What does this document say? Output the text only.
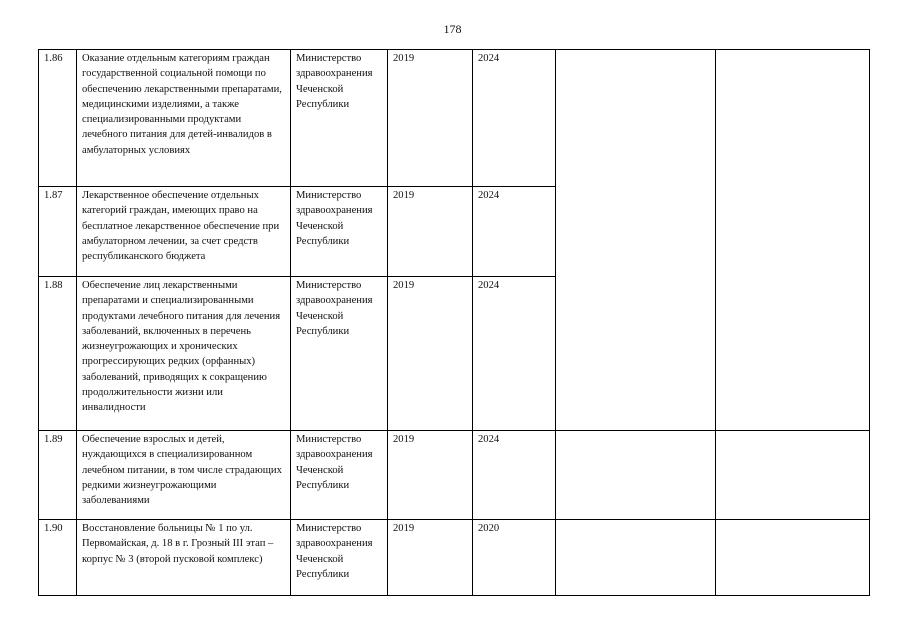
178
1.86	Оказание отдельным категориям граждан государственной социальной помощи по обеспечению лекарственными препаратами, медицинскими изделиями, а также специализированными продуктами лечебного питания для детей-инвалидов в амбулаторных условиях	Министерство здравоохранения Чеченской Республики	2019	2024		
1.87	Лекарственное обеспечение отдельных категорий граждан, имеющих право на бесплатное лекарственное обеспечение при амбулаторном лечении, за счет средств республиканского бюджета	Министерство здравоохранения Чеченской Республики	2019	2024		
1.88	Обеспечение лиц лекарственными препаратами и специализированными продуктами лечебного питания для лечения заболеваний, включенных в перечень жизнеугрожающих и хронических прогрессирующих редких (орфанных) заболеваний, приводящих к сокращению продолжительности жизни или инвалидности	Министерство здравоохранения Чеченской Республики	2019	2024		
1.89	Обеспечение взрослых и детей, нуждающихся в специализированном лечебном питании, в том числе страдающих редкими жизнеугрожающими заболеваниями	Министерство здравоохранения Чеченской Республики	2019	2024		
1.90	Восстановление больницы № 1 по ул. Первомайская, д. 18 в г. Грозный III этап – корпус № 3 (второй пусковой комплекс)	Министерство здравоохранения Чеченской Республики	2019	2020		
